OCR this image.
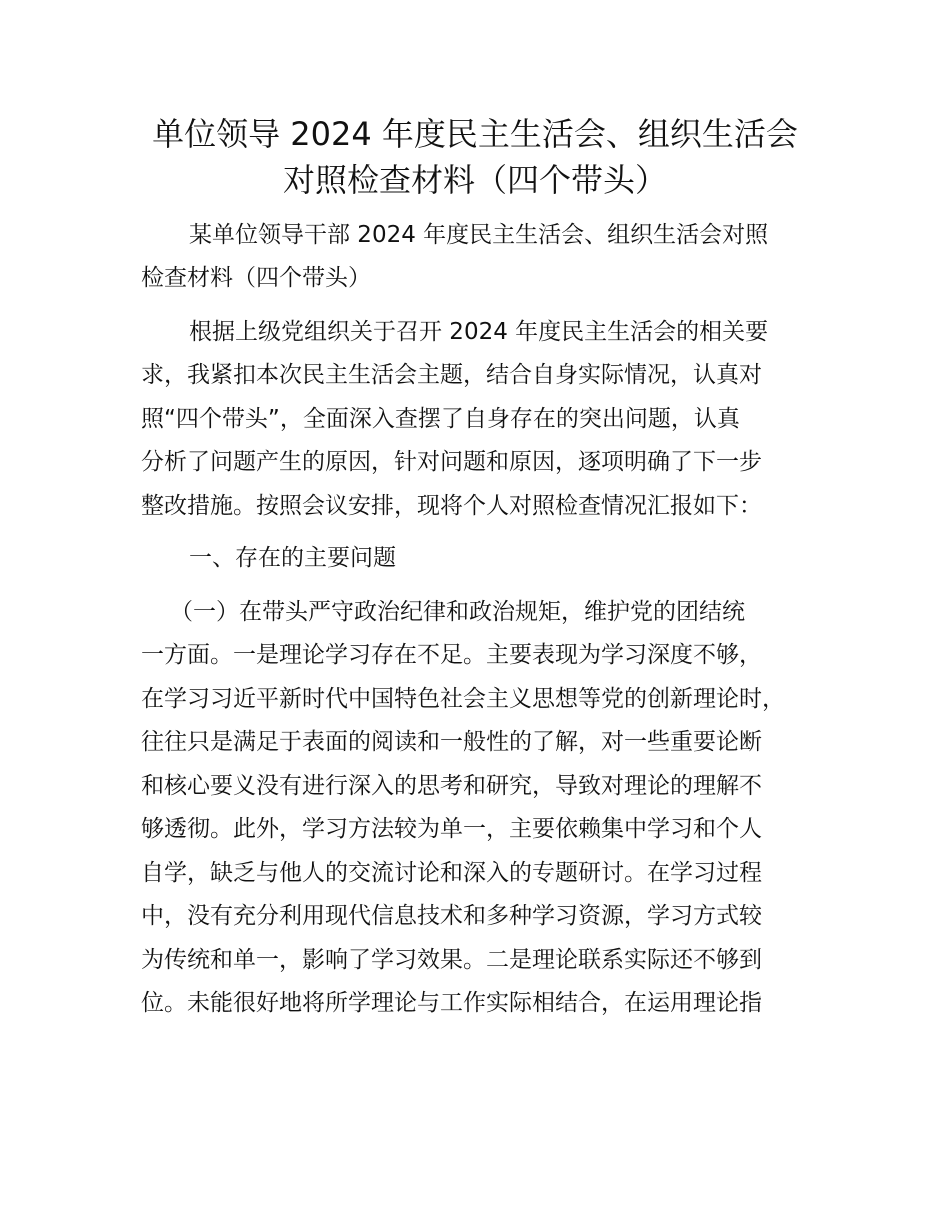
单位领导 2024 年度民主生活会、组织生活会
对照检查材料（四个带头）

某单位领导干部 2024 年度民主生活会、组织生活会对照

检查材料（四个带头）

根据上级党组织关于召开 2024 年度民主生活会的相关要

求，我紧扣本次民主生活会主题，结合自身实际情况，认真对

照“四个带头”，全面深入查摆了自身存在的突出问题，认真

分析了问题产生的原因，针对问题和原因，逐项明确了下一步

整改措施。按照会议安排，现将个人对照检查情况汇报如下：

一、存在的主要问题

（一）在带头严守政治纪律和政治规矩，维护党的团结统

一方面。一是理论学习存在不足。主要表现为学习深度不够，

在学习习近平新时代中国特色社会主义思想等党的创新理论时，

往往只是满足于表面的阅读和一般性的了解，对一些重要论断

和核心要义没有进行深入的思考和研究，导致对理论的理解不

够透彻。此外，学习方法较为单一，主要依赖集中学习和个人

自学，缺乏与他人的交流讨论和深入的专题研讨。在学习过程

中，没有充分利用现代信息技术和多种学习资源，学习方式较

为传统和单一，影响了学习效果。二是理论联系实际还不够到

位。未能很好地将所学理论与工作实际相结合，在运用理论指
